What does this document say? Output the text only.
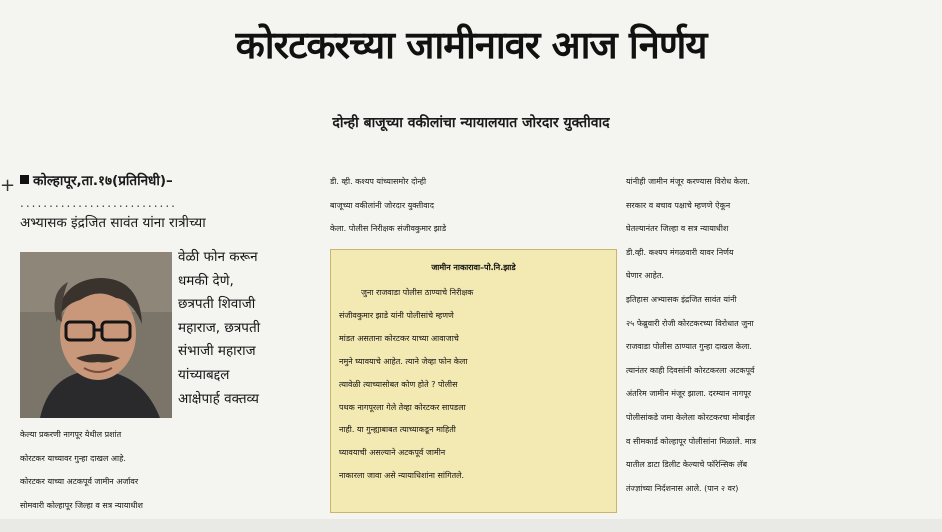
कोरटकरच्या जामीनावर आज निर्णय
दोन्ही बाजूच्या वकीलांचा न्यायालयात जोरदार युक्तीवाद
+	कोल्हापूर,ता.१७(प्रतिनिधी)–

...........................

अभ्यासक इंद्रजित सावंत यांना रात्रीच्या

वेळी फोन करून

धमकी देणे,

छत्रपती शिवाजी

महाराज, छत्रपती

संभाजी महाराज

यांच्याबद्दल

आक्षेपार्ह वक्तव्य

केल्या प्रकरणी नागपूर येथील प्रशांत

कोरटकर याच्यावर गुन्हा दाखल आहे.

कोरटकर याच्या अटकपूर्व जामीन अर्जावर

सोमवारी कोल्हापूर जिल्हा व सत्र न्यायाधीश

डी. व्ही. कश्यप यांच्यासमोर दोन्ही

बाजूच्या वकीलांनी जोरदार युक्तीवाद

केला. पोलीस निरीक्षक संजीवकुमार झाडे

जामीन नाकारावा–पो.नि.झाडे

जुना राजवाडा पोलीस ठाण्याचे निरीक्षक

संजीवकुमार झाडे यांनी पोलीसांचे म्हणणे

मांडत असताना कोरटकर याच्या आवाजाचे

नमुने घ्यावयाचे आहेत. त्याने जेव्हा फोन केला

त्यावेळी त्याच्यासोबत कोण होते ? पोलीस

पथक नागपूरला गेले तेव्हा कोरटकर सापडला

नाही. या गुन्ह्याबाबत त्याच्याकडून माहिती

घ्यावयाची असल्याने अटकपूर्व जामीन

नाकारला जावा असे न्यायाधिशांना सांगितले.

यांनीही जामीन मंजूर करण्यास विरोध केला.

सरकार व बचाव पक्षाचे म्हणणे ऐकून

घेतल्यानंतर जिल्हा व सत्र न्यायाधीश

डी.व्ही. कश्यप मंगळवारी यावर निर्णय

घेणार आहेत.

इतिहास अभ्यासक इंद्रजित सावंत यांनी

२५ फेब्रुवारी रोजी कोरटकरच्या विरोधात जुना

राजवाडा पोलीस ठाण्यात गुन्हा दाखल केला.

त्यानंतर काही दिवसांनी कोरटकरला अटकपूर्व

अंतरिम जामीन मंजूर झाला. दरम्यान नागपूर

पोलीसांकडे जमा केलेला कोरटकरचा मोबाईल

व सीमकार्ड कोल्हापूर पोलीसांना मिळाले. मात्र

यातील डाटा डिलीट केल्याचे फॉरेन्सिक लॅब

तंज्ज्ञांच्या निर्दशनास आले. (पान २ वर)
